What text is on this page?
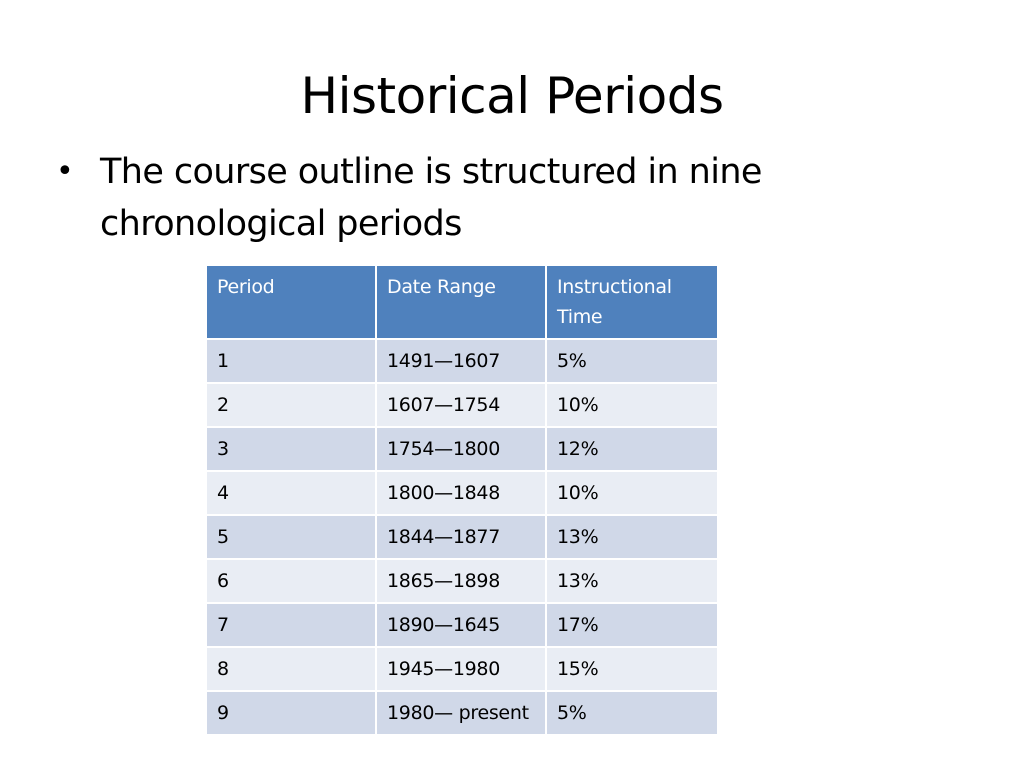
Historical Periods
• The course outline is structured in nine chronological periods
Period	Date Range	Instructional Time
1	1491—1607	5%
2	1607—1754	10%
3	1754—1800	12%
4	1800—1848	10%
5	1844—1877	13%
6	1865—1898	13%
7	1890—1645	17%
8	1945—1980	15%
9	1980— present	5%
